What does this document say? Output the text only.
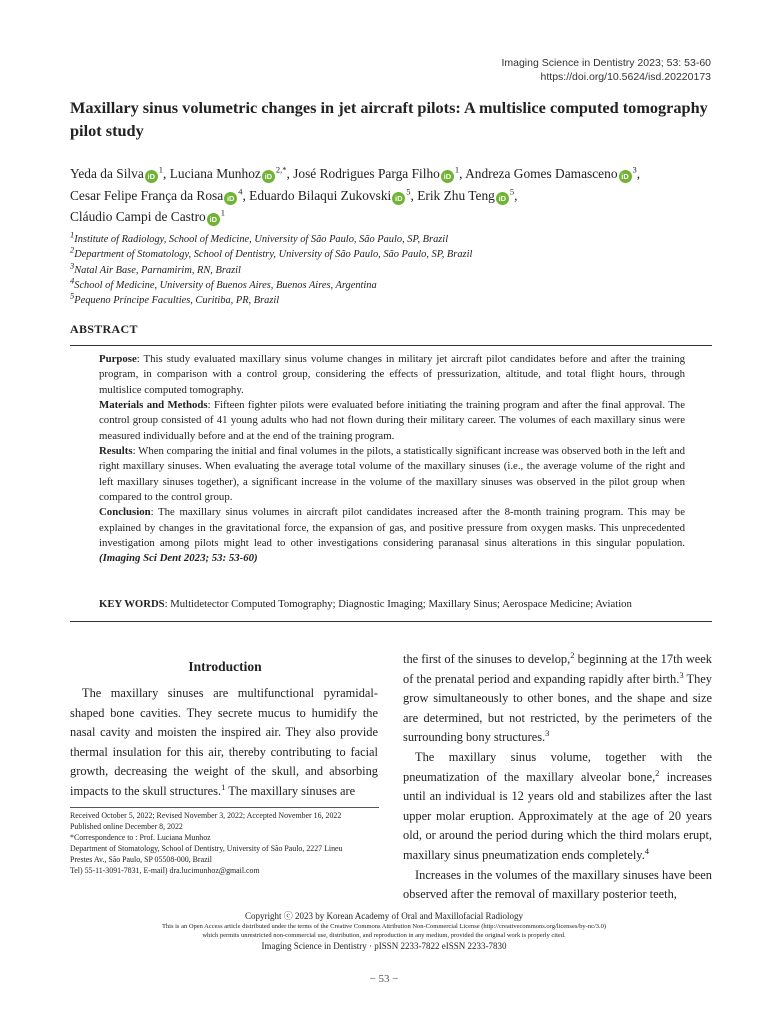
Imaging Science in Dentistry 2023; 53: 53-60
https://doi.org/10.5624/isd.20220173
Maxillary sinus volumetric changes in jet aircraft pilots: A multislice computed tomography pilot study
Yeda da Silva $iD^1$, Luciana Munhoz $iD^{2,*}$, José Rodrigues Parga Filho $iD^1$, Andreza Gomes Damasceno $iD^3$,
Cesar Felipe França da Rosa $iD^4$, Eduardo Bilaqui Zukovski $iD^5$, Erik Zhu Teng $iD^5$,
Cláudio Campi de Castro $iD^1$
$^1$Institute of Radiology, School of Medicine, University of São Paulo, São Paulo, SP, Brazil
$^2$Department of Stomatology, School of Dentistry, University of São Paulo, São Paulo, SP, Brazil
$^3$Natal Air Base, Parnamirim, RN, Brazil
$^4$School of Medicine, University of Buenos Aires, Buenos Aires, Argentina
$^5$Pequeno Príncipe Faculties, Curitiba, PR, Brazil
ABSTRACT

Purpose: This study evaluated maxillary sinus volume changes in military jet aircraft pilot candidates before and after the training program, in comparison with a control group, considering the effects of pressurization, altitude, and total flight hours, through multislice computed tomography.

Materials and Methods: Fifteen fighter pilots were evaluated before initiating the training program and after the final approval. The control group consisted of 41 young adults who had not flown during their military career. The volumes of each maxillary sinus were measured individually before and at the end of the training program.

Results: When comparing the initial and final volumes in the pilots, a statistically significant increase was observed both in the left and right maxillary sinuses. When evaluating the average total volume of the maxillary sinuses (i.e., the average volume of the right and left maxillary sinuses together), a significant increase in the volume of the maxillary sinuses was observed in the pilot group when compared to the control group.

Conclusion: The maxillary sinus volumes in aircraft pilot candidates increased after the 8-month training program. This may be explained by changes in the gravitational force, the expansion of gas, and positive pressure from oxygen masks. This unprecedented investigation among pilots might lead to other investigations considering paranasal sinus alterations in this singular population.(Imaging Sci Dent 2023; 53: 53-60)

KEY WORDS: Multidetector Computed Tomography; Diagnostic Imaging; Maxillary Sinus; Aerospace Medicine; Aviation
Introduction

The maxillary sinuses are multifunctional pyramidal-shaped bone cavities. They secrete mucus to humidify the nasal cavity and moisten the inspired air. They also provide thermal insulation for this air, thereby contributing to facial growth, decreasing the weight of the skull, and absorbing impacts to the skull structures.$^1$ The maxillary sinuses are

Received October 5, 2022; Revised November 3, 2022; Accepted November 16, 2022
Published online December 8, 2022
*Correspondence to : Prof. Luciana Munhoz
Department of Stomatology, School of Dentistry, University of São Paulo, 2227 Lineu
Prestes Av., São Paulo, SP 05508-000, Brazil
Tel) 55-11-3091-7831, E-mail) dra.lucimunhoz@gmail.com

the first of the sinuses to develop,$^2$ beginning at the 17th week of the prenatal period and expanding rapidly after birth.$^3$ They grow simultaneously to other bones, and the shape and size are determined, but not restricted, by the perimeters of the surrounding bony structures.$^3$

The maxillary sinus volume, together with the pneumatization of the maxillary alveolar bone,$^2$ increases until an individual is 12 years old and stabilizes after the last upper molar eruption. Approximately at the age of 20 years old, or around the period during which the third molars erupt, maxillary sinus pneumatization ends completely.$^4$

Increases in the volumes of the maxillary sinuses have been observed after the removal of maxillary posterior teeth,

Copyright ⓒ 2023 by Korean Academy of Oral and Maxillofacial Radiology
This is an Open Access article distributed under the terms of the Creative Commons Attribution Non-Commercial License (http://creativecommons.org/licenses/by-nc/3.0)
which permits unrestricted non-commercial use, distribution, and reproduction in any medium, provided the original work is properly cited.
Imaging Science in Dentistry · pISSN 2233-7822 eISSN 2233-7830
− 53 −
